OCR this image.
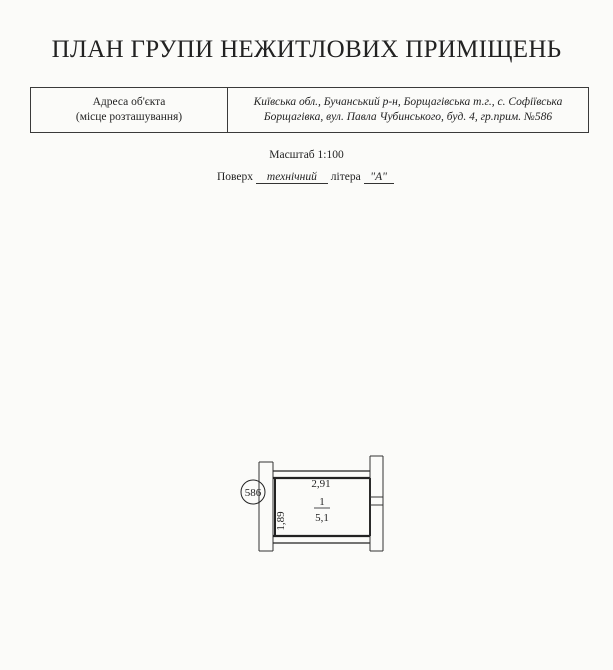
ПЛАН ГРУПИ НЕЖИТЛОВИХ ПРИМІЩЕНЬ
Адреса об'єкта
(місце розташування)
Київська обл., Бучанський р-н, Борщагівська т.г., с. Софіївська
Борщагівка, вул. Павла Чубинського, буд. 4, гр.прим. №586
Масштаб 1:100
Поверх технічний літера "А"
586
2,91
1
5,1
1,89
